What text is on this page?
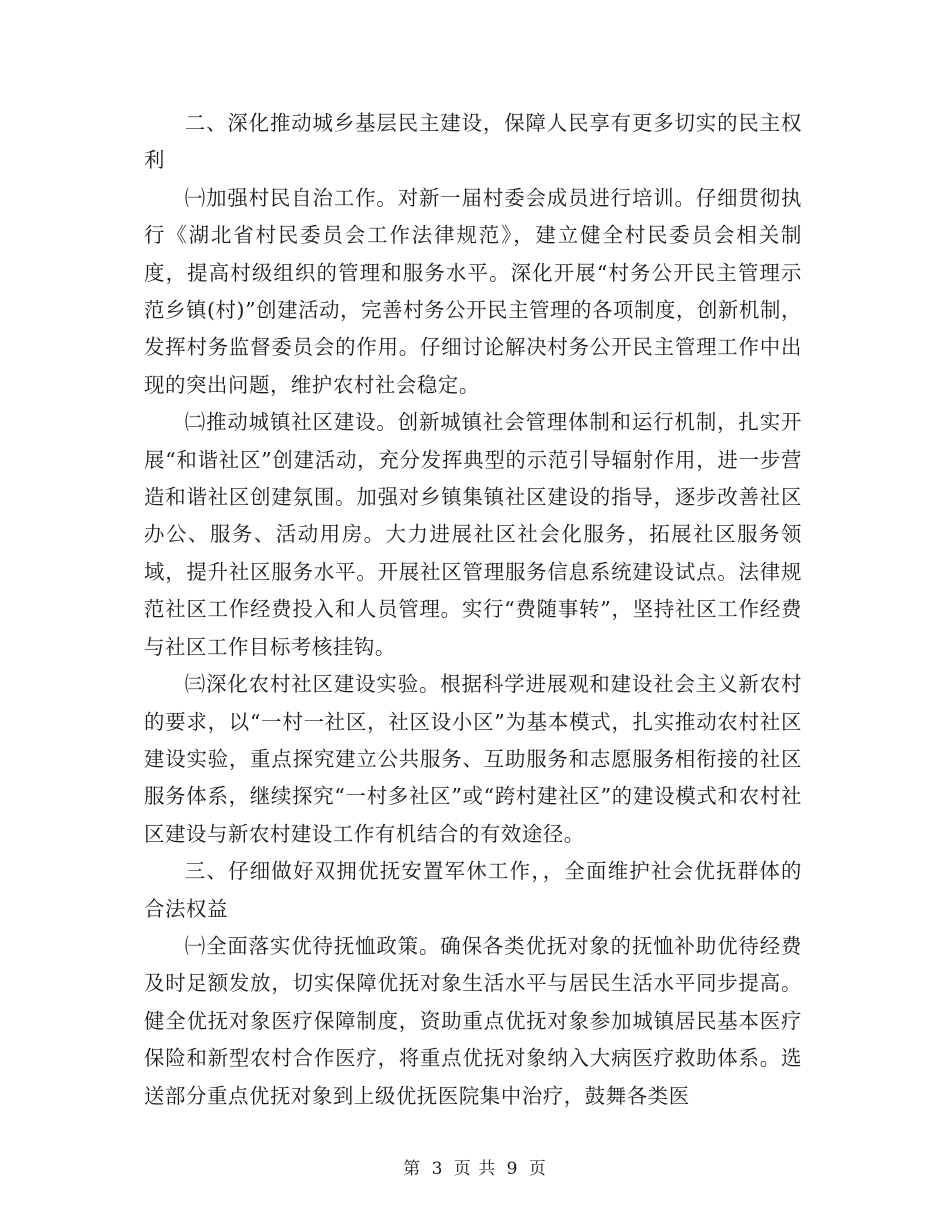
二、深化推动城乡基层民主建设，保障人民享有更多切实的民主权利

㈠加强村民自治工作。对新一届村委会成员进行培训。仔细贯彻执行《湖北省村民委员会工作法律规范》，建立健全村民委员会相关制度，提高村级组织的管理和服务水平。深化开展“村务公开民主管理示范乡镇(村)”创建活动，完善村务公开民主管理的各项制度，创新机制，发挥村务监督委员会的作用。仔细讨论解决村务公开民主管理工作中出现的突出问题，维护农村社会稳定。

㈡推动城镇社区建设。创新城镇社会管理体制和运行机制，扎实开展“和谐社区”创建活动，充分发挥典型的示范引导辐射作用，进一步营造和谐社区创建氛围。加强对乡镇集镇社区建设的指导，逐步改善社区办公、服务、活动用房。大力进展社区社会化服务，拓展社区服务领域，提升社区服务水平。开展社区管理服务信息系统建设试点。法律规范社区工作经费投入和人员管理。实行“费随事转”，坚持社区工作经费与社区工作目标考核挂钩。

㈢深化农村社区建设实验。根据科学进展观和建设社会主义新农村的要求，以“一村一社区，社区设小区”为基本模式，扎实推动农村社区建设实验，重点探究建立公共服务、互助服务和志愿服务相衔接的社区服务体系，继续探究“一村多社区”或“跨村建社区”的建设模式和农村社区建设与新农村建设工作有机结合的有效途径。

三、仔细做好双拥优抚安置军休工作，，全面维护社会优抚群体的合法权益

㈠全面落实优待抚恤政策。确保各类优抚对象的抚恤补助优待经费及时足额发放，切实保障优抚对象生活水平与居民生活水平同步提高。健全优抚对象医疗保障制度，资助重点优抚对象参加城镇居民基本医疗保险和新型农村合作医疗，将重点优抚对象纳入大病医疗救助体系。选送部分重点优抚对象到上级优抚医院集中治疗，鼓舞各类医

第 3 页 共 9 页
